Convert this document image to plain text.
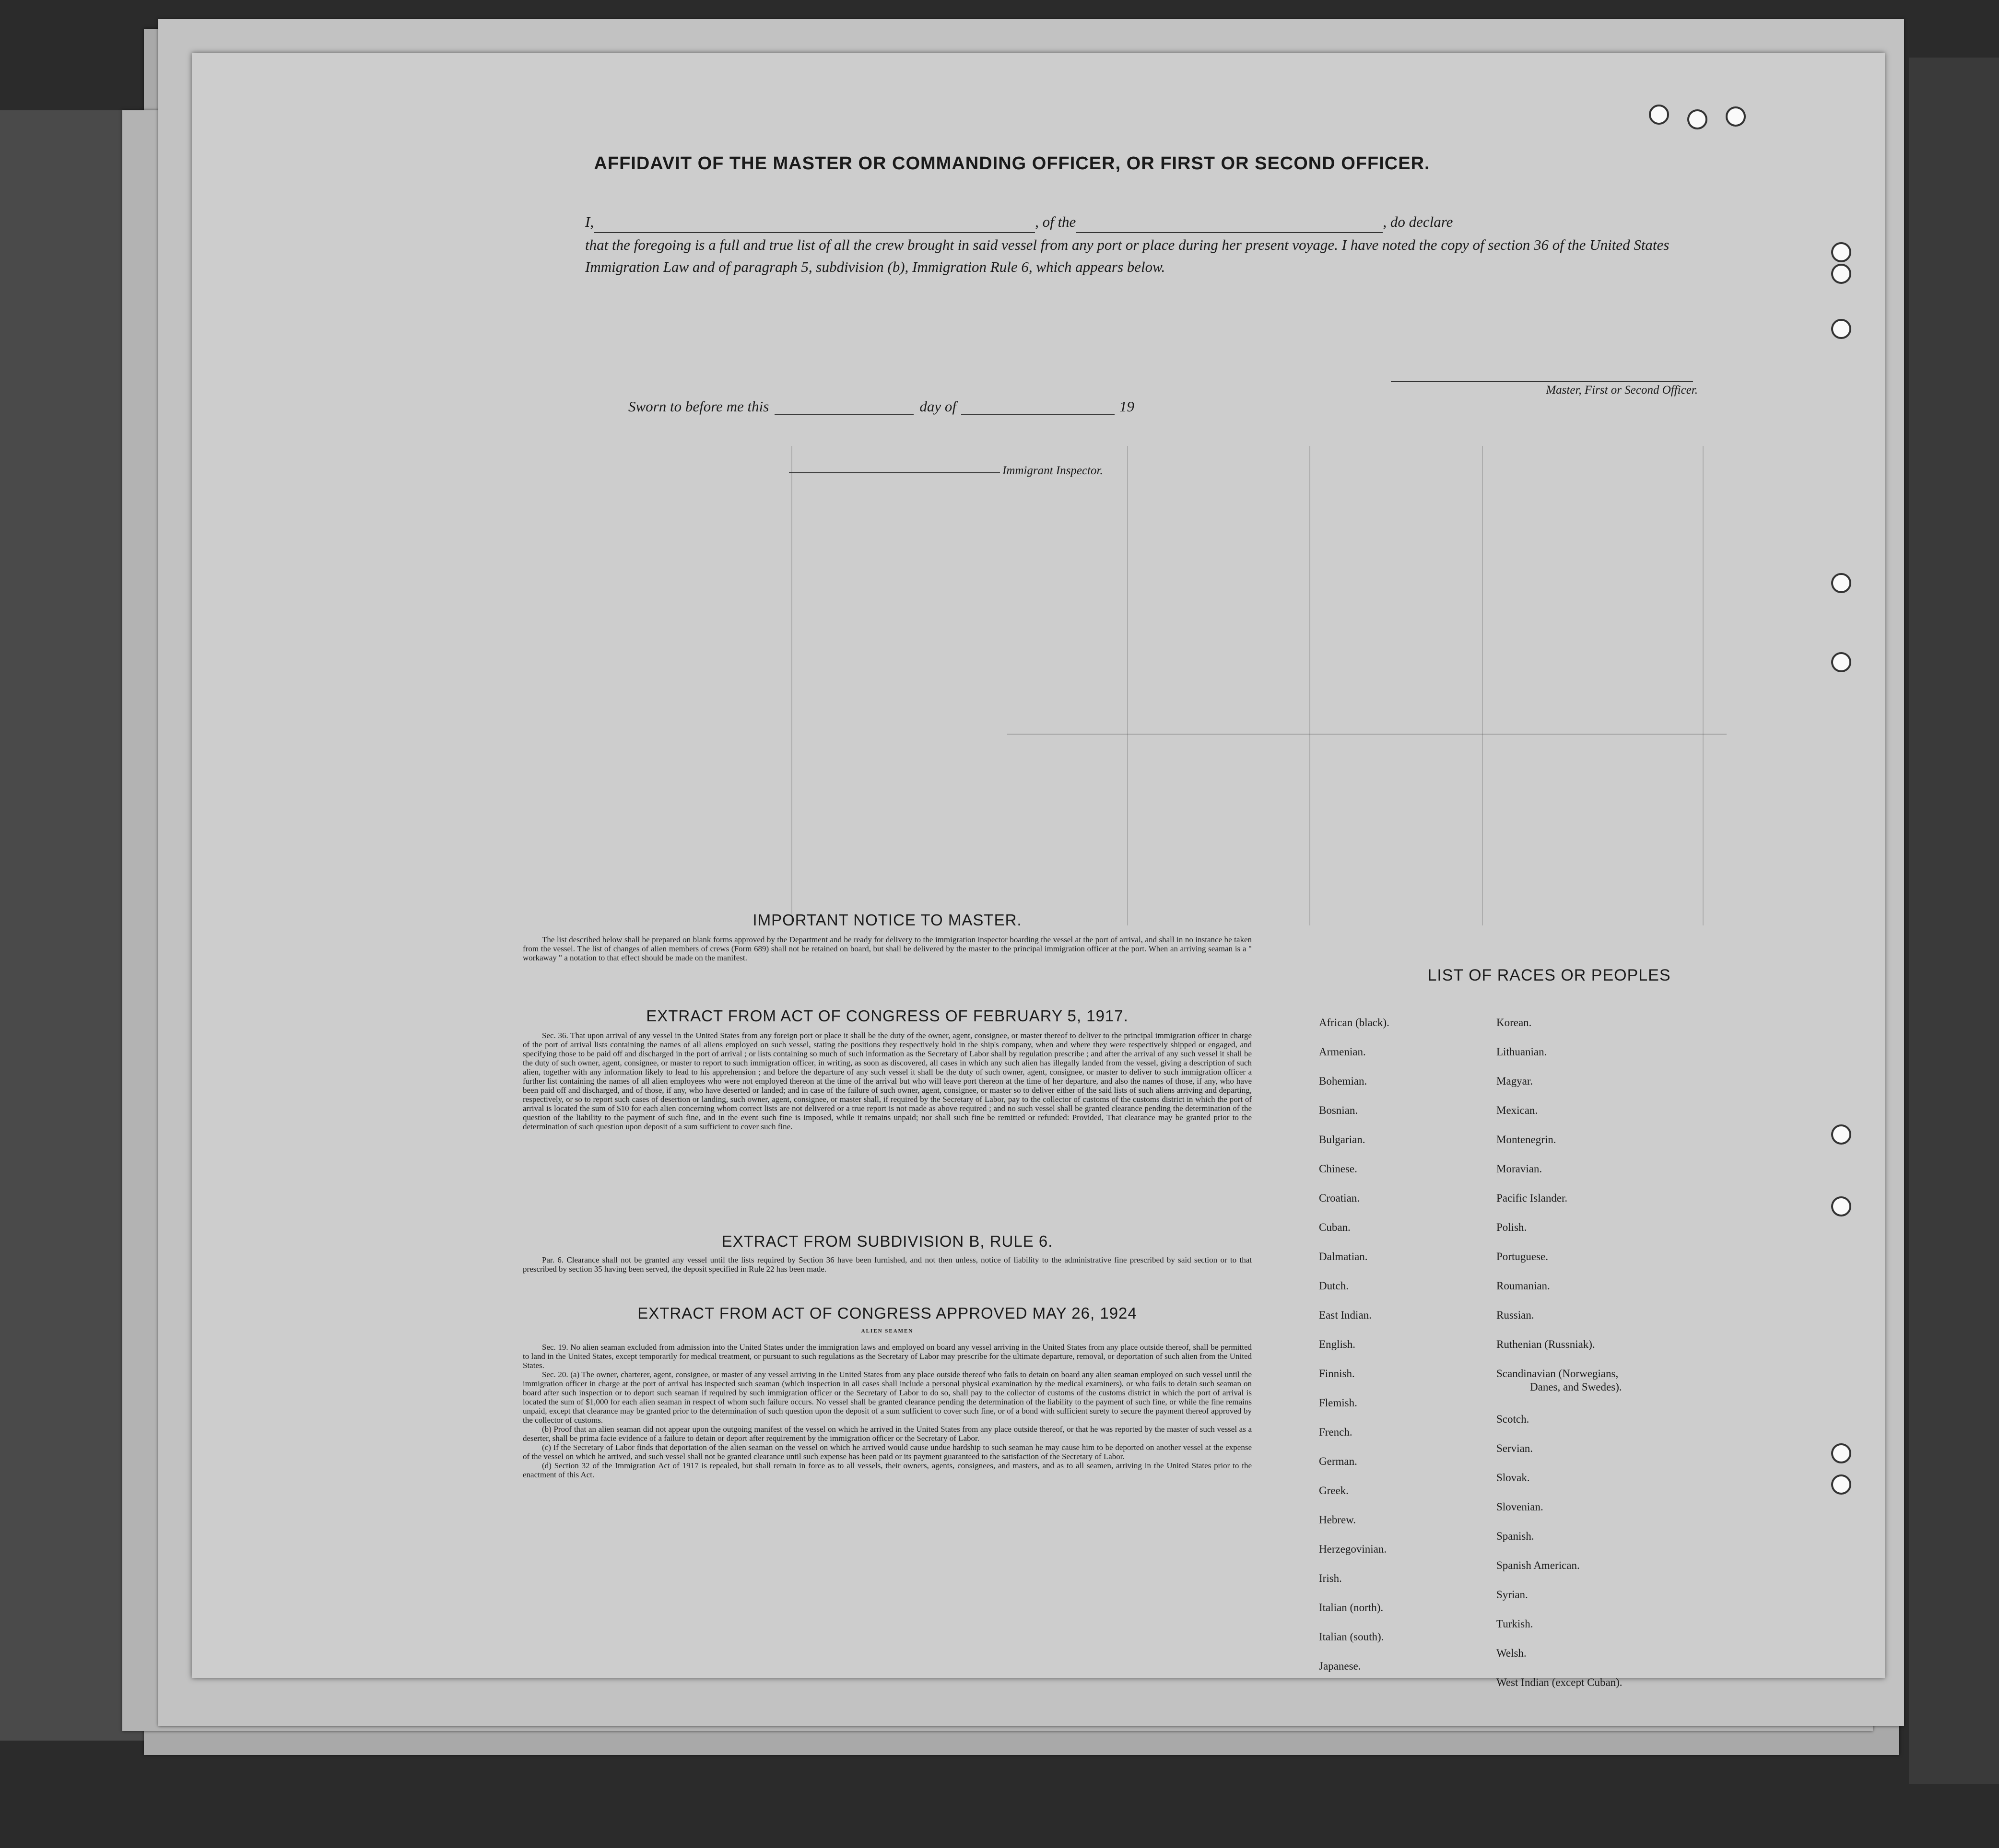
AFFIDAVIT OF THE MASTER OR COMMANDING OFFICER, OR FIRST OR SECOND OFFICER.
I,	, of the	, do declare
that the foregoing is a full and true list of all the crew brought in said vessel from any port or place during her present voyage. I have noted the copy of section 36 of the United States Immigration Law and of paragraph 5, subdivision (b), Immigration Rule 6, which appears below.
Master, First or Second Officer.
Sworn to before me this	day of	19
Immigrant Inspector.
IMPORTANT NOTICE TO MASTER.

The list described below shall be prepared on blank forms approved by the Department and be ready for delivery to the immigration inspector boarding the vessel at the port of arrival, and shall in no instance be taken from the vessel. The list of changes of alien members of crews (Form 689) shall not be retained on board, but shall be delivered by the master to the principal immigration officer at the port. When an arriving seaman is a " workaway " a notation to that effect should be made on the manifest.

EXTRACT FROM ACT OF CONGRESS OF FEBRUARY 5, 1917.

Sec. 36. That upon arrival of any vessel in the United States from any foreign port or place it shall be the duty of the owner, agent, consignee, or master thereof to deliver to the principal immigration officer in charge of the port of arrival lists containing the names of all aliens employed on such vessel, stating the positions they respectively hold in the ship's company, when and where they were respectively shipped or engaged, and specifying those to be paid off and discharged in the port of arrival ; or lists containing so much of such information as the Secretary of Labor shall by regulation prescribe ; and after the arrival of any such vessel it shall be the duty of such owner, agent, consignee, or master to report to such immigration officer, in writing, as soon as discovered, all cases in which any such alien has illegally landed from the vessel, giving a description of such alien, together with any information likely to lead to his apprehension ; and before the departure of any such vessel it shall be the duty of such owner, agent, consignee, or master to deliver to such immigration officer a further list containing the names of all alien employees who were not employed thereon at the time of the arrival but who will leave port thereon at the time of her departure, and also the names of those, if any, who have been paid off and discharged, and of those, if any, who have deserted or landed; and in case of the failure of such owner, agent, consignee, or master so to deliver either of the said lists of such aliens arriving and departing, respectively, or so to report such cases of desertion or landing, such owner, agent, consignee, or master shall, if required by the Secretary of Labor, pay to the collector of customs of the customs district in which the port of arrival is located the sum of $10 for each alien concerning whom correct lists are not delivered or a true report is not made as above required ; and no such vessel shall be granted clearance pending the determination of the question of the liability to the payment of such fine, and in the event such fine is imposed, while it remains unpaid; nor shall such fine be remitted or refunded: Provided, That clearance may be granted prior to the determination of such question upon deposit of a sum sufficient to cover such fine.

EXTRACT FROM SUBDIVISION B, RULE 6.

Par. 6. Clearance shall not be granted any vessel until the lists required by Section 36 have been furnished, and not then unless, notice of liability to the administrative fine prescribed by said section or to that prescribed by section 35 having been served, the deposit specified in Rule 22 has been made.

EXTRACT FROM ACT OF CONGRESS APPROVED MAY 26, 1924
ALIEN SEAMEN

Sec. 19. No alien seaman excluded from admission into the United States under the immigration laws and employed on board any vessel arriving in the United States from any place outside thereof, shall be permitted to land in the United States, except temporarily for medical treatment, or pursuant to such regulations as the Secretary of Labor may prescribe for the ultimate departure, removal, or deportation of such alien from the United States.

Sec. 20. (a) The owner, charterer, agent, consignee, or master of any vessel arriving in the United States from any place outside thereof who fails to detain on board any alien seaman employed on such vessel until the immigration officer in charge at the port of arrival has inspected such seaman (which inspection in all cases shall include a personal physical examination by the medical examiners), or who fails to detain such seaman on board after such inspection or to deport such seaman if required by such immigration officer or the Secretary of Labor to do so, shall pay to the collector of customs of the customs district in which the port of arrival is located the sum of $1,000 for each alien seaman in respect of whom such failure occurs. No vessel shall be granted clearance pending the determination of the liability to the payment of such fine, or while the fine remains unpaid, except that clearance may be granted prior to the determination of such question upon the deposit of a sum sufficient to cover such fine, or of a bond with sufficient surety to secure the payment thereof approved by the collector of customs.

(b) Proof that an alien seaman did not appear upon the outgoing manifest of the vessel on which he arrived in the United States from any place outside thereof, or that he was reported by the master of such vessel as a deserter, shall be prima facie evidence of a failure to detain or deport after requirement by the immigration officer or the Secretary of Labor.

(c) If the Secretary of Labor finds that deportation of the alien seaman on the vessel on which he arrived would cause undue hardship to such seaman he may cause him to be deported on another vessel at the expense of the vessel on which he arrived, and such vessel shall not be granted clearance until such expense has been paid or its payment guaranteed to the satisfaction of the Secretary of Labor.

(d) Section 32 of the Immigration Act of 1917 is repealed, but shall remain in force as to all vessels, their owners, agents, consignees, and masters, and as to all seamen, arriving in the United States prior to the enactment of this Act.

LIST OF RACES OR PEOPLES
African (black).
Armenian.
Bohemian.
Bosnian.
Bulgarian.
Chinese.
Croatian.
Cuban.
Dalmatian.
Dutch.
East Indian.
English.
Finnish.
Flemish.
French.
German.
Greek.
Hebrew.
Herzegovinian.
Irish.
Italian (north).
Italian (south).
Japanese.
Korean.
Lithuanian.
Magyar.
Mexican.
Montenegrin.
Moravian.
Pacific Islander.
Polish.
Portuguese.
Roumanian.
Russian.
Ruthenian (Russniak).
Scandinavian (Norwegians,
Danes, and Swedes).
Scotch.
Servian.
Slovak.
Slovenian.
Spanish.
Spanish American.
Syrian.
Turkish.
Welsh.
West Indian (except Cuban).
